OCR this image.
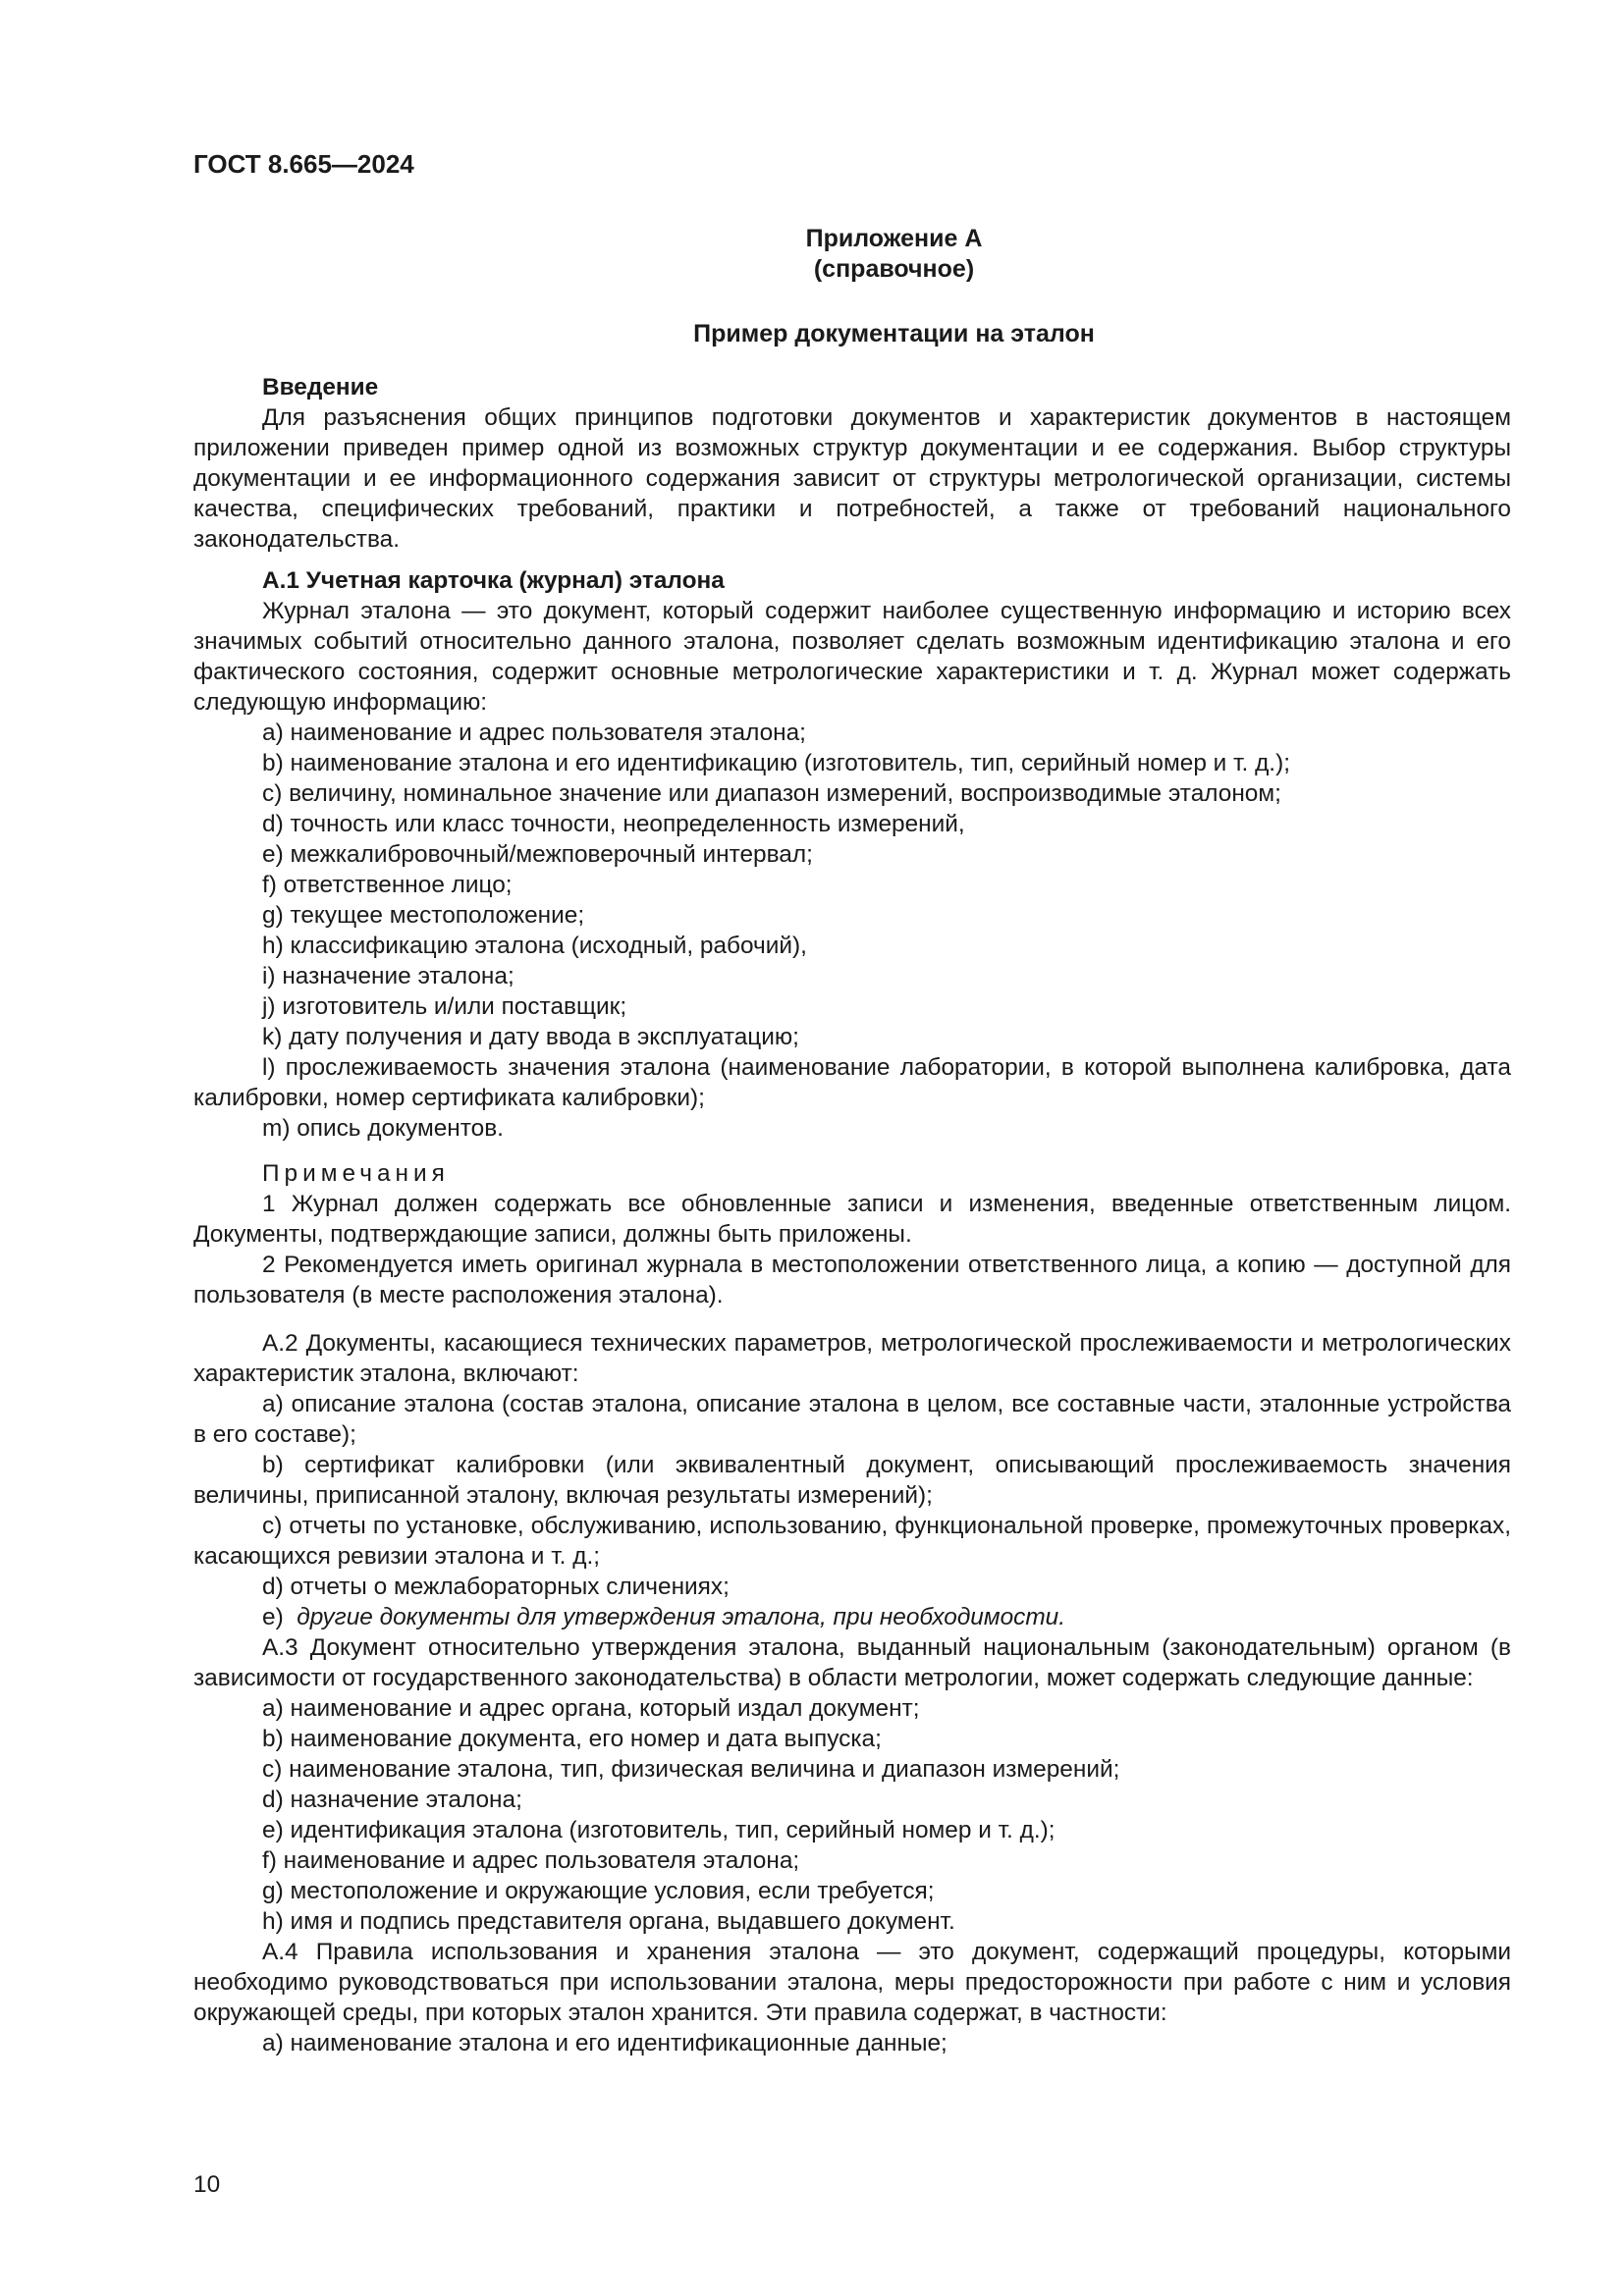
ГОСТ 8.665—2024
Приложение А
(справочное)
Пример документации на эталон
Введение

Для разъяснения общих принципов подготовки документов и характеристик документов в настоящем приложении приведен пример одной из возможных структур документации и ее содержания. Выбор структуры документации и ее информационного содержания зависит от структуры метрологической организации, системы качества, специфических требований, практики и потребностей, а также от требований национального законодательства.

А.1 Учетная карточка (журнал) эталона

Журнал эталона — это документ, который содержит наиболее существенную информацию и историю всех значимых событий относительно данного эталона, позволяет сделать возможным идентификацию эталона и его фактического состояния, содержит основные метрологические характеристики и т. д. Журнал может содержать следующую информацию:

a) наименование и адрес пользователя эталона;

b) наименование эталона и его идентификацию (изготовитель, тип, серийный номер и т. д.);

c) величину, номинальное значение или диапазон измерений, воспроизводимые эталоном;

d) точность или класс точности, неопределенность измерений,

e) межкалибровочный/межповерочный интервал;

f) ответственное лицо;

g) текущее местоположение;

h) классификацию эталона (исходный, рабочий),

i) назначение эталона;

j) изготовитель и/или поставщик;

k) дату получения и дату ввода в эксплуатацию;

l) прослеживаемость значения эталона (наименование лаборатории, в которой выполнена калибровка, дата калибровки, номер сертификата калибровки);

m) опись документов.

Примечания

1 Журнал должен содержать все обновленные записи и изменения, введенные ответственным лицом. Документы, подтверждающие записи, должны быть приложены.

2 Рекомендуется иметь оригинал журнала в местоположении ответственного лица, а копию — доступной для пользователя (в месте расположения эталона).

А.2 Документы, касающиеся технических параметров, метрологической прослеживаемости и метрологических характеристик эталона, включают:

a) описание эталона (состав эталона, описание эталона в целом, все составные части, эталонные устройства в его составе);

b) сертификат калибровки (или эквивалентный документ, описывающий прослеживаемость значения величины, приписанной эталону, включая результаты измерений);

c) отчеты по установке, обслуживанию, использованию, функциональной проверке, промежуточных проверках, касающихся ревизии эталона и т. д.;

d) отчеты о межлабораторных сличениях;

e)  другие документы для утверждения эталона, при необходимости.

А.3 Документ относительно утверждения эталона, выданный национальным (законодательным) органом (в зависимости от государственного законодательства) в области метрологии, может содержать следующие данные:

a) наименование и адрес органа, который издал документ;

b) наименование документа, его номер и дата выпуска;

c) наименование эталона, тип, физическая величина и диапазон измерений;

d) назначение эталона;

e) идентификация эталона (изготовитель, тип, серийный номер и т. д.);

f) наименование и адрес пользователя эталона;

g) местоположение и окружающие условия, если требуется;

h) имя и подпись представителя органа, выдавшего документ.

А.4 Правила использования и хранения эталона — это документ, содержащий процедуры, которыми необходимо руководствоваться при использовании эталона, меры предосторожности при работе с ним и условия окружающей среды, при которых эталон хранится. Эти правила содержат, в частности:

a) наименование эталона и его идентификационные данные;

10
